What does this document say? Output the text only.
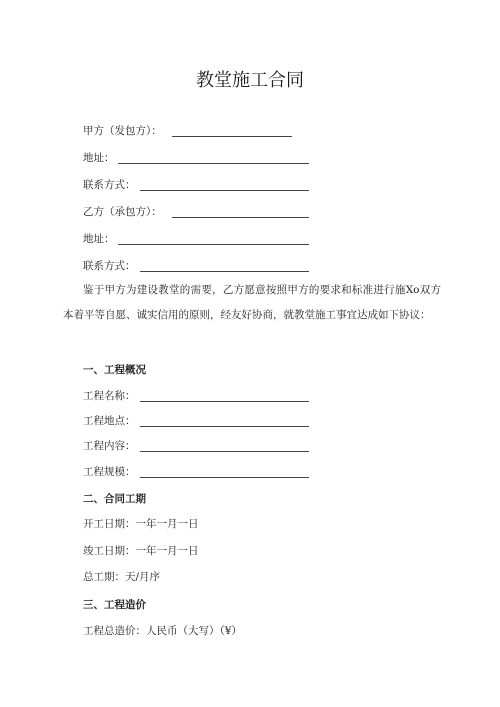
教堂施工合同
甲方（发包方）：
地址：
联系方式：
乙方（承包方）：
地址：
联系方式：
鉴于甲方为建设教堂的需要，乙方愿意按照甲方的要求和标准进行施Xo双方本着平等自愿、诚实信用的原则，经友好协商，就教堂施工事宜达成如下协议：
一、工程概况
工程名称：
工程地点：
工程内容：
工程规模：
二、合同工期
开工日期：一年一月一日
竣工日期：一年一月一日
总工期：天/月序
三、工程造价
工程总造价：人民币（大写）（¥）
